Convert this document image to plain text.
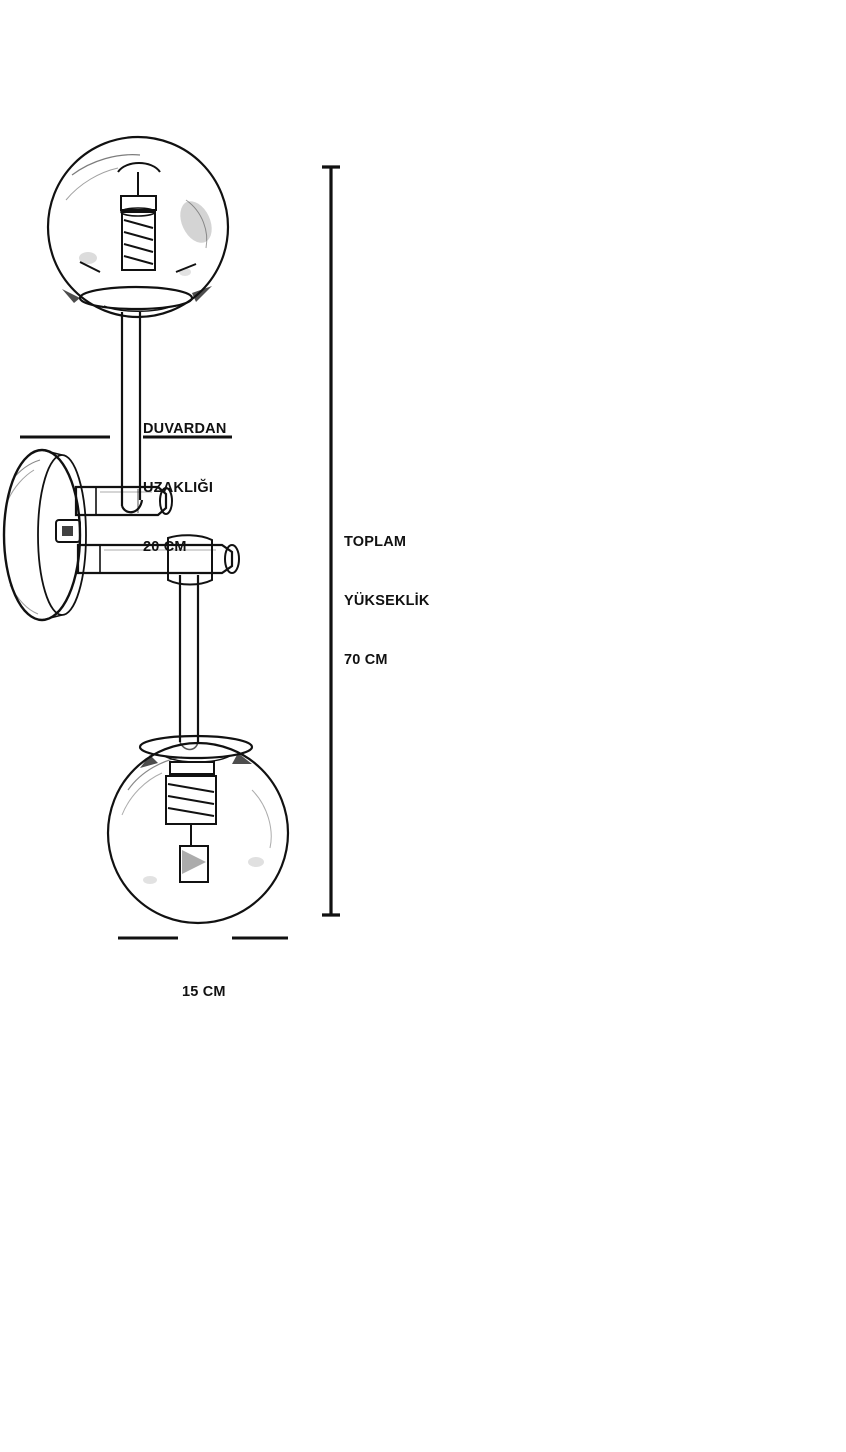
DUVARDAN

UZAKLIĞI

20 CM

	TOPLAM

YÜKSEKLİK

70 CM

15 CM
